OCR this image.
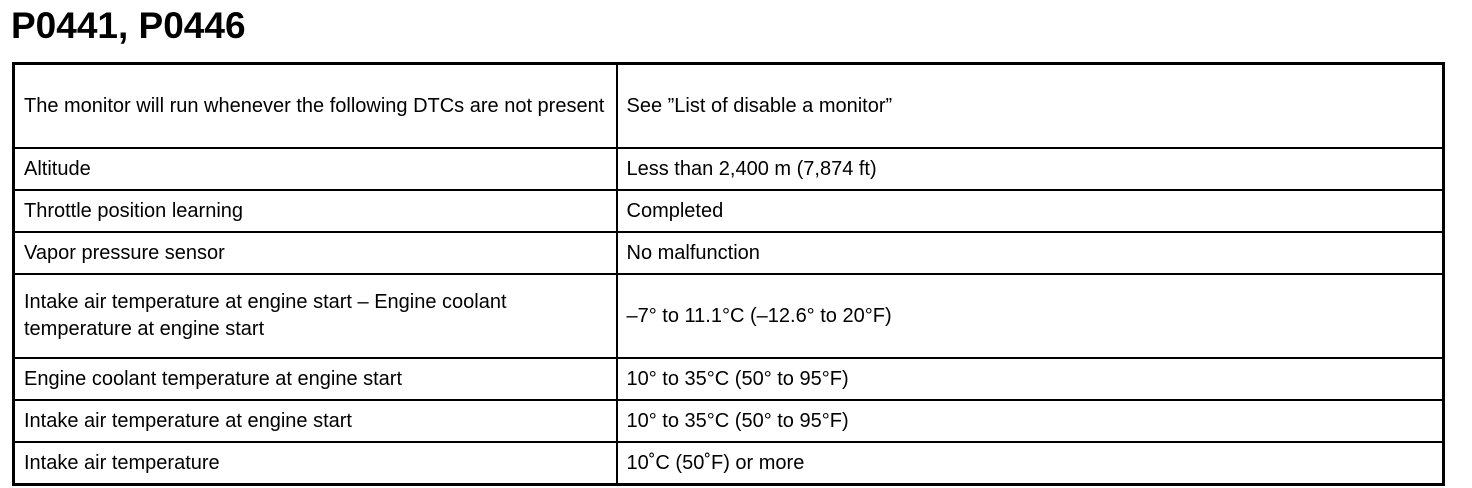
P0441, P0446
The monitor will run whenever the following DTCs are not present	See ”List of disable a monitor”
Altitude	Less than 2,400 m (7,874 ft)
Throttle position learning	Completed
Vapor pressure sensor	No malfunction
Intake air temperature at engine start – Engine coolant temperature at engine start	–7° to 11.1°C (–12.6° to 20°F)
Engine coolant temperature at engine start	10° to 35°C (50° to 95°F)
Intake air temperature at engine start	10° to 35°C (50° to 95°F)
Intake air temperature	10˚C (50˚F) or more
